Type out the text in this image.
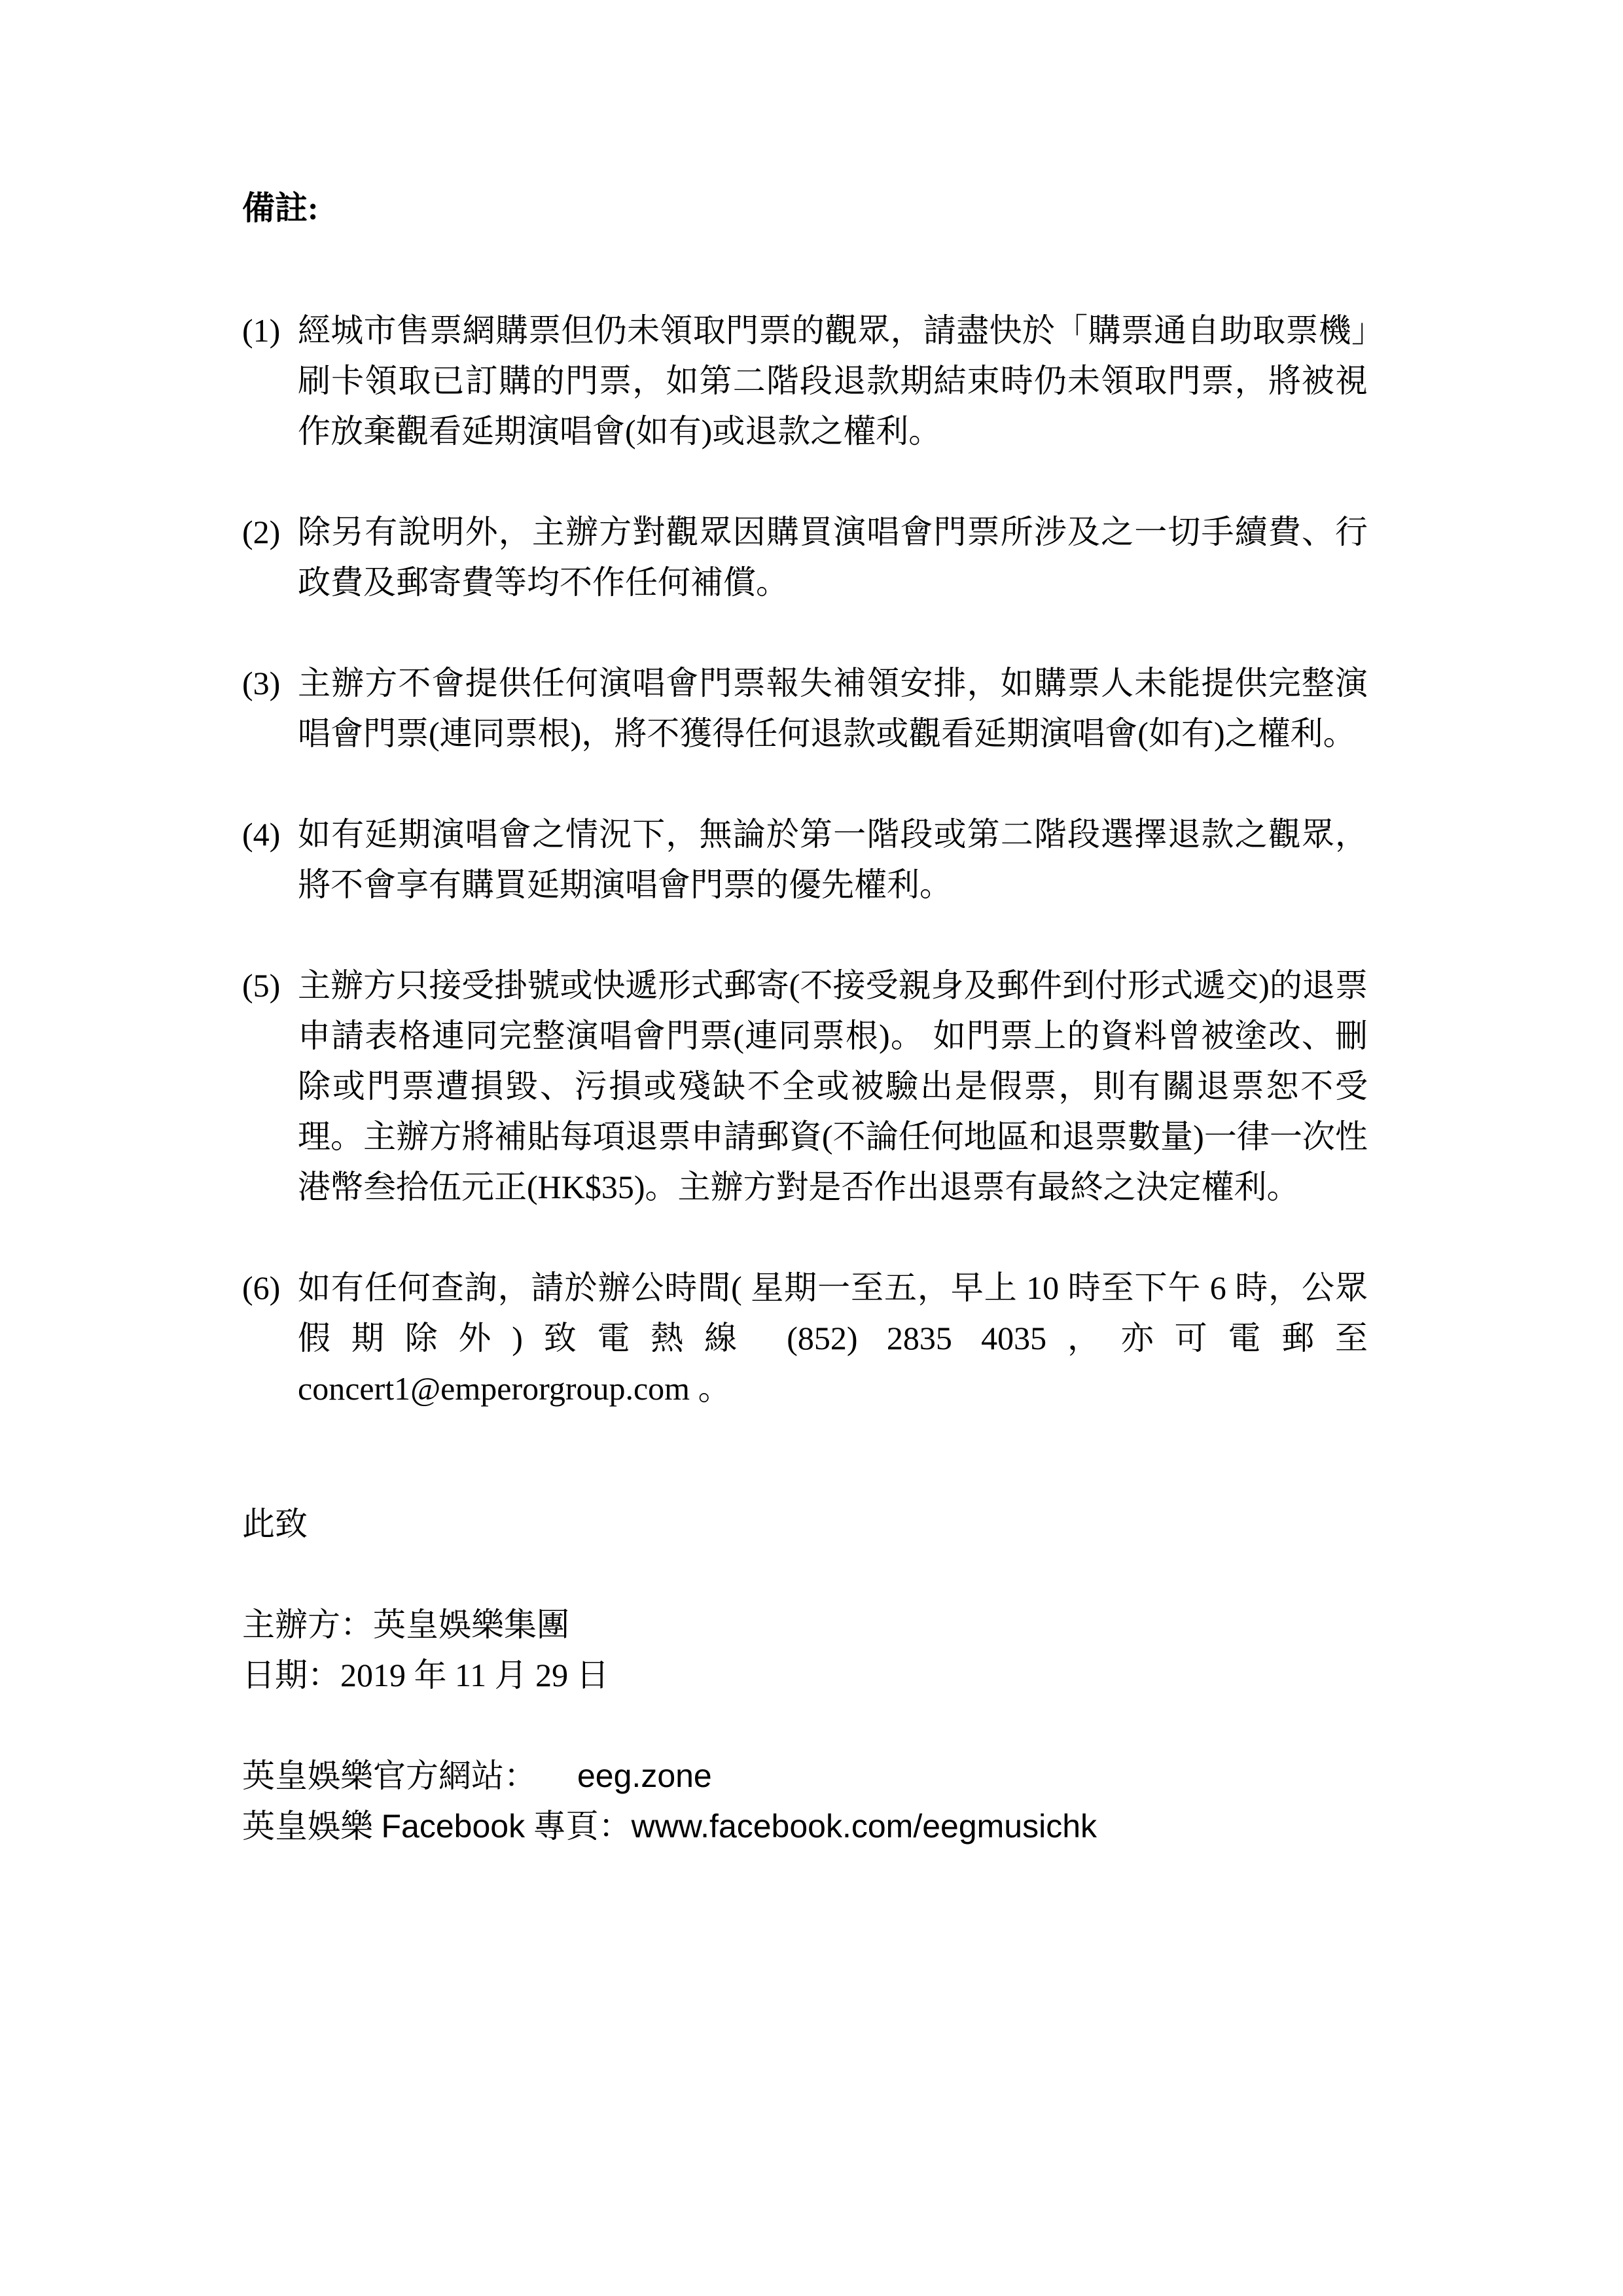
備註:

(1) 經城市售票網購票但仍未領取門票的觀眾，請盡快於「購票通自助取票機」刷卡領取已訂購的門票，如第二階段退款期結束時仍未領取門票，將被視作放棄觀看延期演唱會(如有)或退款之權利。
(2) 除另有說明外，主辦方對觀眾因購買演唱會門票所涉及之一切手續費、行政費及郵寄費等均不作任何補償。
(3) 主辦方不會提供任何演唱會門票報失補領安排，如購票人未能提供完整演唱會門票(連同票根)，將不獲得任何退款或觀看延期演唱會(如有)之權利。
(4) 如有延期演唱會之情況下，無論於第一階段或第二階段選擇退款之觀眾，將不會享有購買延期演唱會門票的優先權利。
(5) 主辦方只接受掛號或快遞形式郵寄(不接受親身及郵件到付形式遞交)的退票申請表格連同完整演唱會門票(連同票根)。 如門票上的資料曾被塗改、刪除或門票遭損毀、污損或殘缺不全或被驗出是假票，則有關退票恕不受理。主辦方將補貼每項退票申請郵資(不論任何地區和退票數量)一律一次性港幣叁拾伍元正(HK$35)。主辦方對是否作出退票有最終之決定權利。
(6) 如有任何查詢，請於辦公時間( 星期一至五，早上 10 時至下午 6 時，公眾假期除外)致電熱線 (852) 2835 4035，亦可電郵至 concert1@emperorgroup.com 。

此致

主辦方：英皇娛樂集團

日期：2019 年 11 月 29 日

英皇娛樂官方網站： eeg.zone

英皇娛樂 Facebook 專頁：www.facebook.com/eegmusichk
